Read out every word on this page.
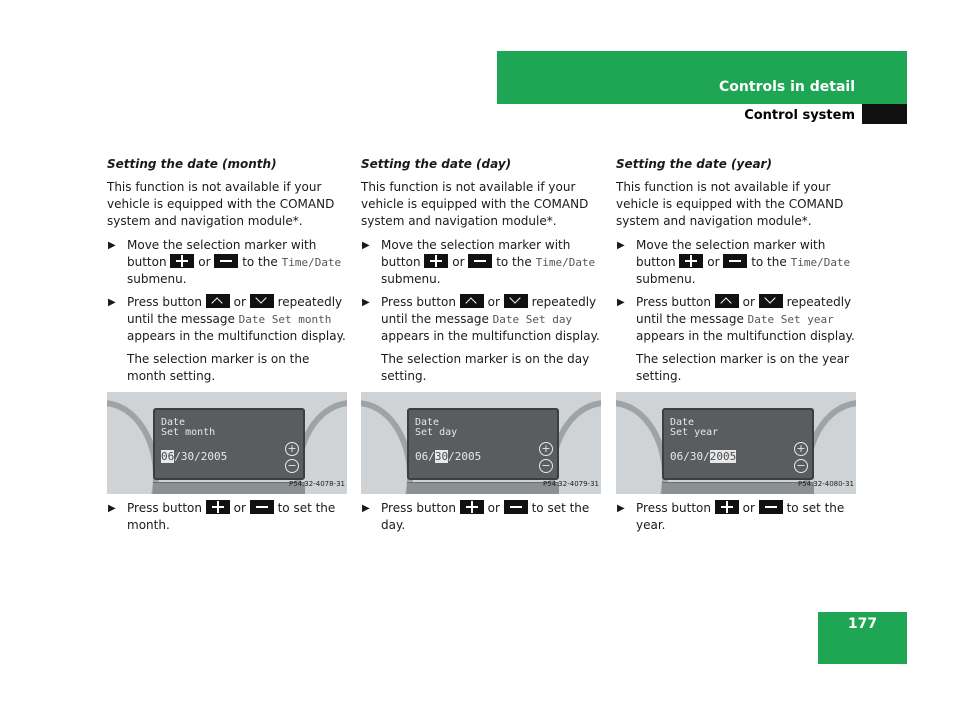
Controls in detail
Control system

Setting the date (month)

This function is not available if your vehicle is equipped with the COMAND system and navigation module*.

▶ Move the selection marker with button	or	to the Time/Date submenu.
▶ Press button	or	repeatedly until the message Date Set month appears in the multifunction display.

The selection marker is on the month setting.

Date
Set month
06/30/2005
+
−
P54.32-4078-31
▶ Press button	or	to set the month.

Setting the date (day)

This function is not available if your vehicle is equipped with the COMAND system and navigation module*.

▶ Move the selection marker with button	or	to the Time/Date submenu.
▶ Press button	or	repeatedly until the message Date Set day appears in the multifunction display.

The selection marker is on the day setting.

Date
Set day
06/30/2005
+
−
P54.32-4079-31
▶ Press button	or	to set the day.

Setting the date (year)

This function is not available if your vehicle is equipped with the COMAND system and navigation module*.

▶ Move the selection marker with button	or	to the Time/Date submenu.
▶ Press button	or	repeatedly until the message Date Set year appears in the multifunction display.

The selection marker is on the year setting.

Date
Set year
06/30/2005
+
−
P54.32-4080-31
▶ Press button	or	to set the year.
177
